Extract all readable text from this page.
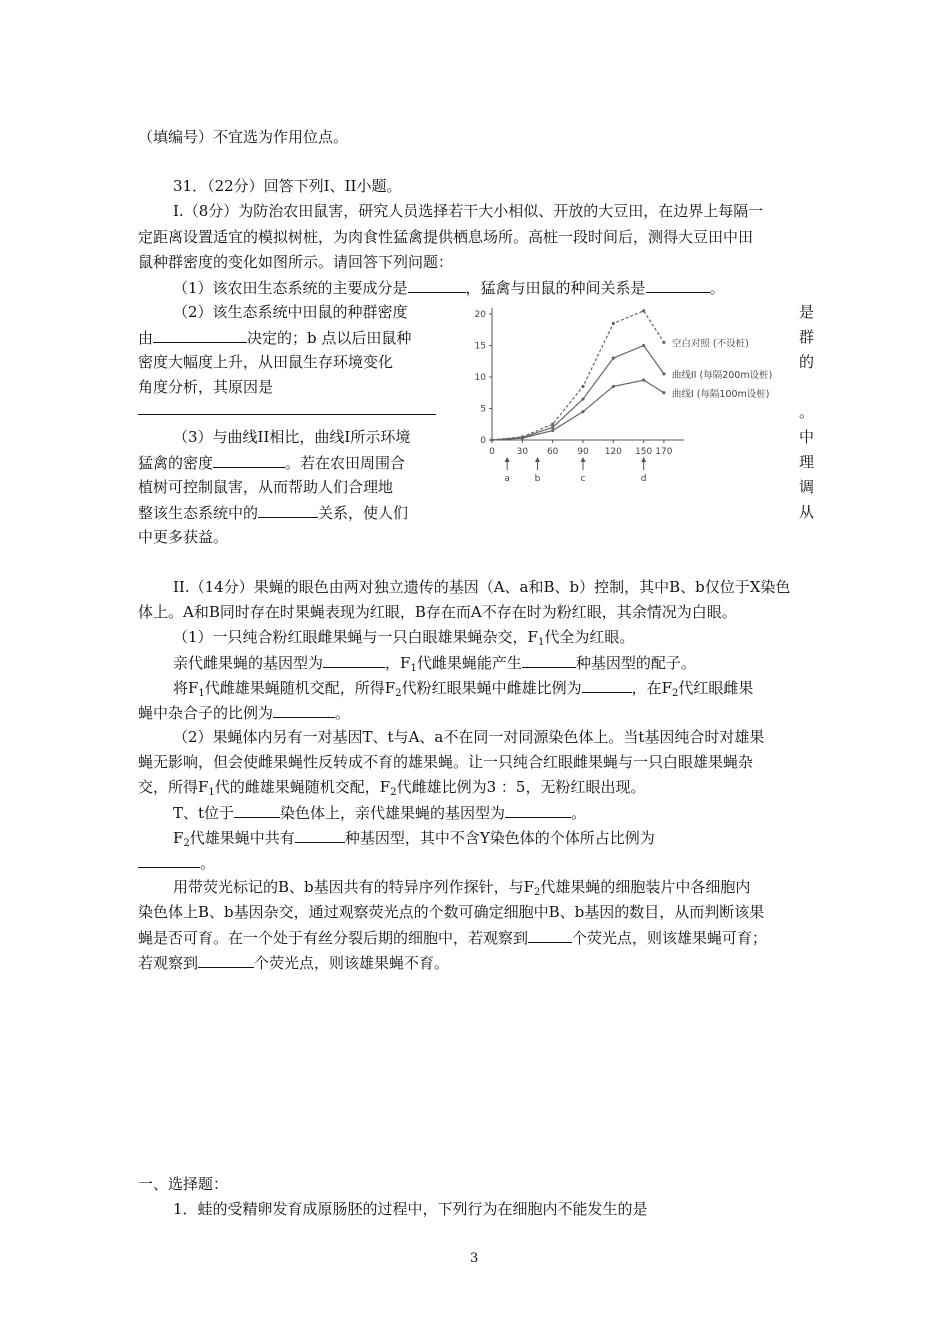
（填编号）不宜选为作用位点。
31．（22分）回答下列I、II小题。
I.（8分）为防治农田鼠害，研究人员选择若干大小相似、开放的大豆田，在边界上每隔一
定距离设置适宜的模拟树桩，为肉食性猛禽提供栖息场所。高桩一段时间后，测得大豆田中田
鼠种群密度的变化如图所示。请回答下列问题：
（1）该农田生态系统的主要成分是	，猛禽与田鼠的种间关系是	。
（2）该生态系统中田鼠的种群密度	是
由	决定的；b 点以后田鼠种	群
密度大幅度上升，从田鼠生存环境变化	的
角度分析，其原因是
。
（3）与曲线II相比，曲线I所示环境	中
猛禽的密度	。若在农田周围合	理
植树可控制鼠害，从而帮助人们合理地	调
整该生态系统中的	关系，使人们	从
中更多获益。
0
5
10
15
20
0 30 60 90 120 150 170
空白对照 (不设桩)
曲线II (每隔200m设桩)
曲线I (每隔100m设桩)
a	b	c	d
II.（14分）果蝇的眼色由两对独立遗传的基因（A、a和B、b）控制，其中B、b仅位于X染色
体上。A和B同时存在时果蝇表现为红眼，B存在而A不存在时为粉红眼，其余情况为白眼。
（1）一只纯合粉红眼雌果蝇与一只白眼雄果蝇杂交，$F_1$代全为红眼。
亲代雌果蝇的基因型为	，$F_1$代雌果蝇能产生	种基因型的配子。
将$F_1$代雌雄果蝇随机交配，所得$F_2$代粉红眼果蝇中雌雄比例为	，在$F_2$代红眼雌果
蝇中杂合子的比例为	。
（2）果蝇体内另有一对基因T、t与A、a不在同一对同源染色体上。当t基因纯合时对雄果
蝇无影响，但会使雌果蝇性反转成不育的雄果蝇。让一只纯合红眼雌果蝇与一只白眼雄果蝇杂
交，所得$F_1$代的雌雄果蝇随机交配，$F_2$代雌雄比例为3 ：5，无粉红眼出现。
T、t位于	染色体上，亲代雄果蝇的基因型为	。
$F_2$代雄果蝇中共有	种基因型，其中不含Y染色体的个体所占比例为
。
用带荧光标记的B、b基因共有的特异序列作探针，与$F_2$代雄果蝇的细胞装片中各细胞内
染色体上B、b基因杂交，通过观察荧光点的个数可确定细胞中B、b基因的数目，从而判断该果
蝇是否可育。在一个处于有丝分裂后期的细胞中，若观察到	个荧光点，则该雄果蝇可育；
若观察到	个荧光点，则该雄果蝇不育。
一、选择题：
1．蛙的受精卵发育成原肠胚的过程中，下列行为在细胞内不能发生的是
3
